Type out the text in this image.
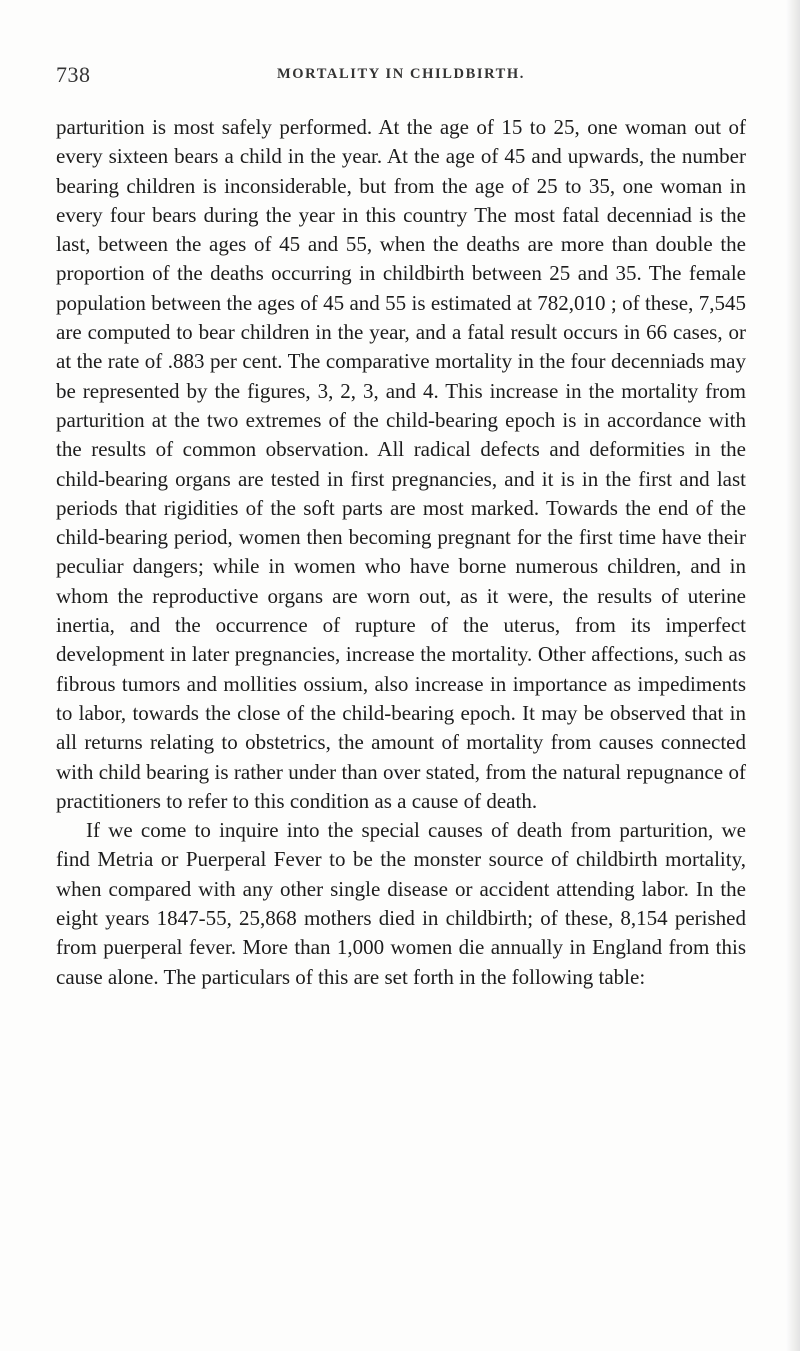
738	MORTALITY IN CHILDBIRTH.

parturition is most safely performed. At the age of 15 to 25, one woman out of every sixteen bears a child in the year. At the age of 45 and upwards, the number bearing children is inconsiderable, but from the age of 25 to 35, one woman in every four bears during the year in this country The most fatal decenniad is the last, between the ages of 45 and 55, when the deaths are more than double the proportion of the deaths occurring in childbirth between 25 and 35. The female population between the ages of 45 and 55 is estimated at 782,010 ; of these, 7,545 are computed to bear children in the year, and a fatal result occurs in 66 cases, or at the rate of .883 per cent. The comparative mortality in the four decenniads may be represented by the figures, 3, 2, 3, and 4. This increase in the mortality from parturition at the two extremes of the child-bearing epoch is in accordance with the results of common observation. All radical defects and deformities in the child-bearing organs are tested in first pregnancies, and it is in the first and last periods that rigidities of the soft parts are most marked. Towards the end of the child-bearing period, women then becoming pregnant for the first time have their peculiar dangers; while in women who have borne numerous children, and in whom the reproductive organs are worn out, as it were, the results of uterine inertia, and the occurrence of rupture of the uterus, from its imperfect development in later pregnancies, increase the mortality. Other affections, such as fibrous tumors and mollities ossium, also increase in importance as impediments to labor, towards the close of the child-bearing epoch. It may be observed that in all returns relating to obstetrics, the amount of mortality from causes connected with child bearing is rather under than over stated, from the natural repugnance of practitioners to refer to this condition as a cause of death.

If we come to inquire into the special causes of death from parturition, we find Metria or Puerperal Fever to be the monster source of childbirth mortality, when compared with any other single disease or accident attending labor. In the eight years 1847-55, 25,868 mothers died in childbirth; of these, 8,154 perished from puerperal fever. More than 1,000 women die annually in England from this cause alone. The particulars of this are set forth in the following table:
